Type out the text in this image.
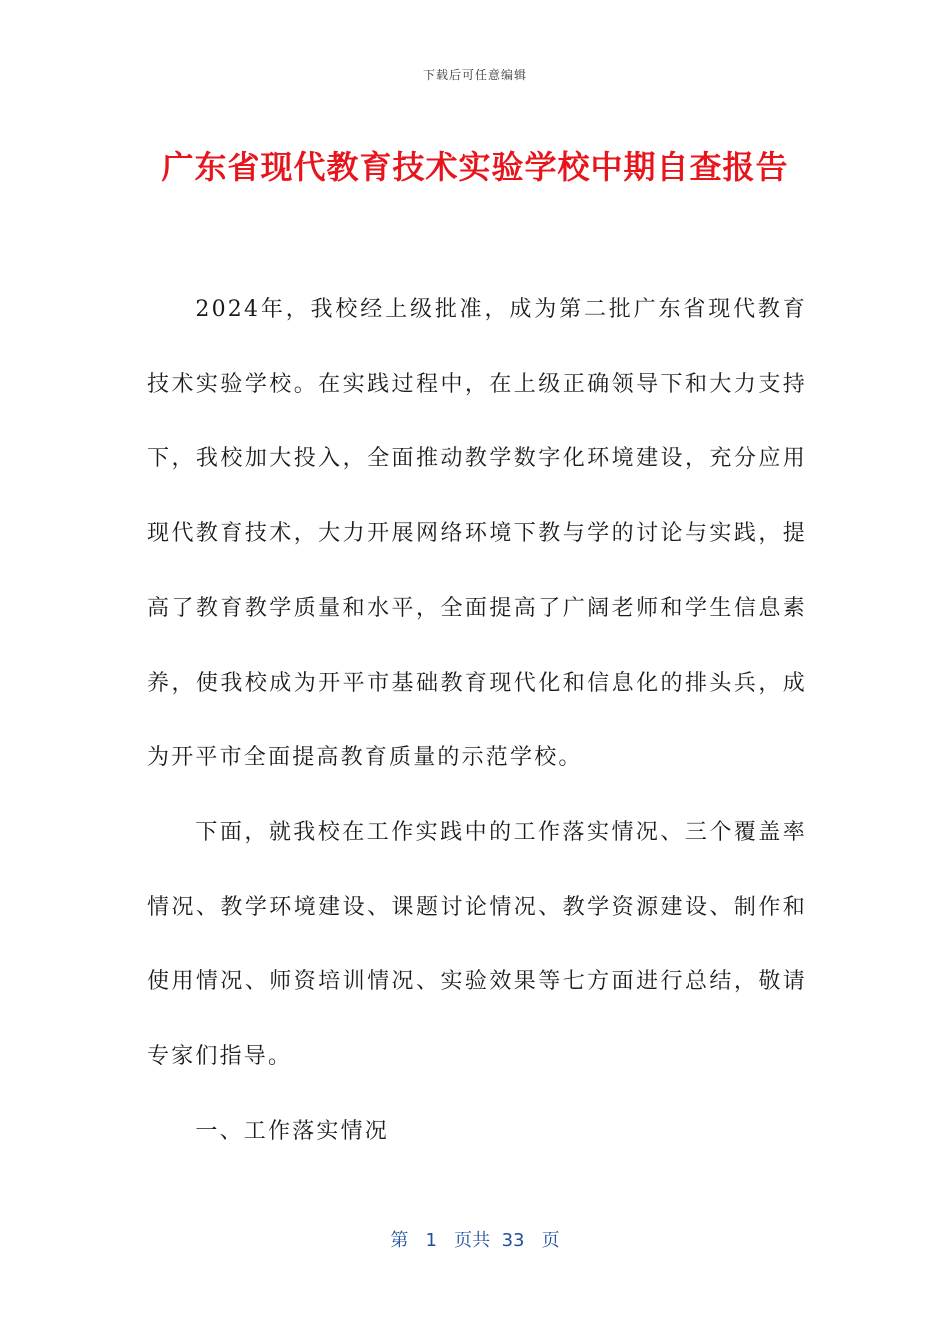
下载后可任意编辑
广东省现代教育技术实验学校中期自查报告

2024年，我校经上级批准，成为第二批广东省现代教育技术实验学校。在实践过程中，在上级正确领导下和大力支持下，我校加大投入，全面推动教学数字化环境建设，充分应用现代教育技术，大力开展网络环境下教与学的讨论与实践，提高了教育教学质量和水平，全面提高了广阔老师和学生信息素养，使我校成为开平市基础教育现代化和信息化的排头兵，成为开平市全面提高教育质量的示范学校。

下面，就我校在工作实践中的工作落实情况、三个覆盖率情况、教学环境建设、课题讨论情况、教学资源建设、制作和使用情况、师资培训情况、实验效果等七方面进行总结，敬请专家们指导。

一、工作落实情况

第 1 页共 33 页
